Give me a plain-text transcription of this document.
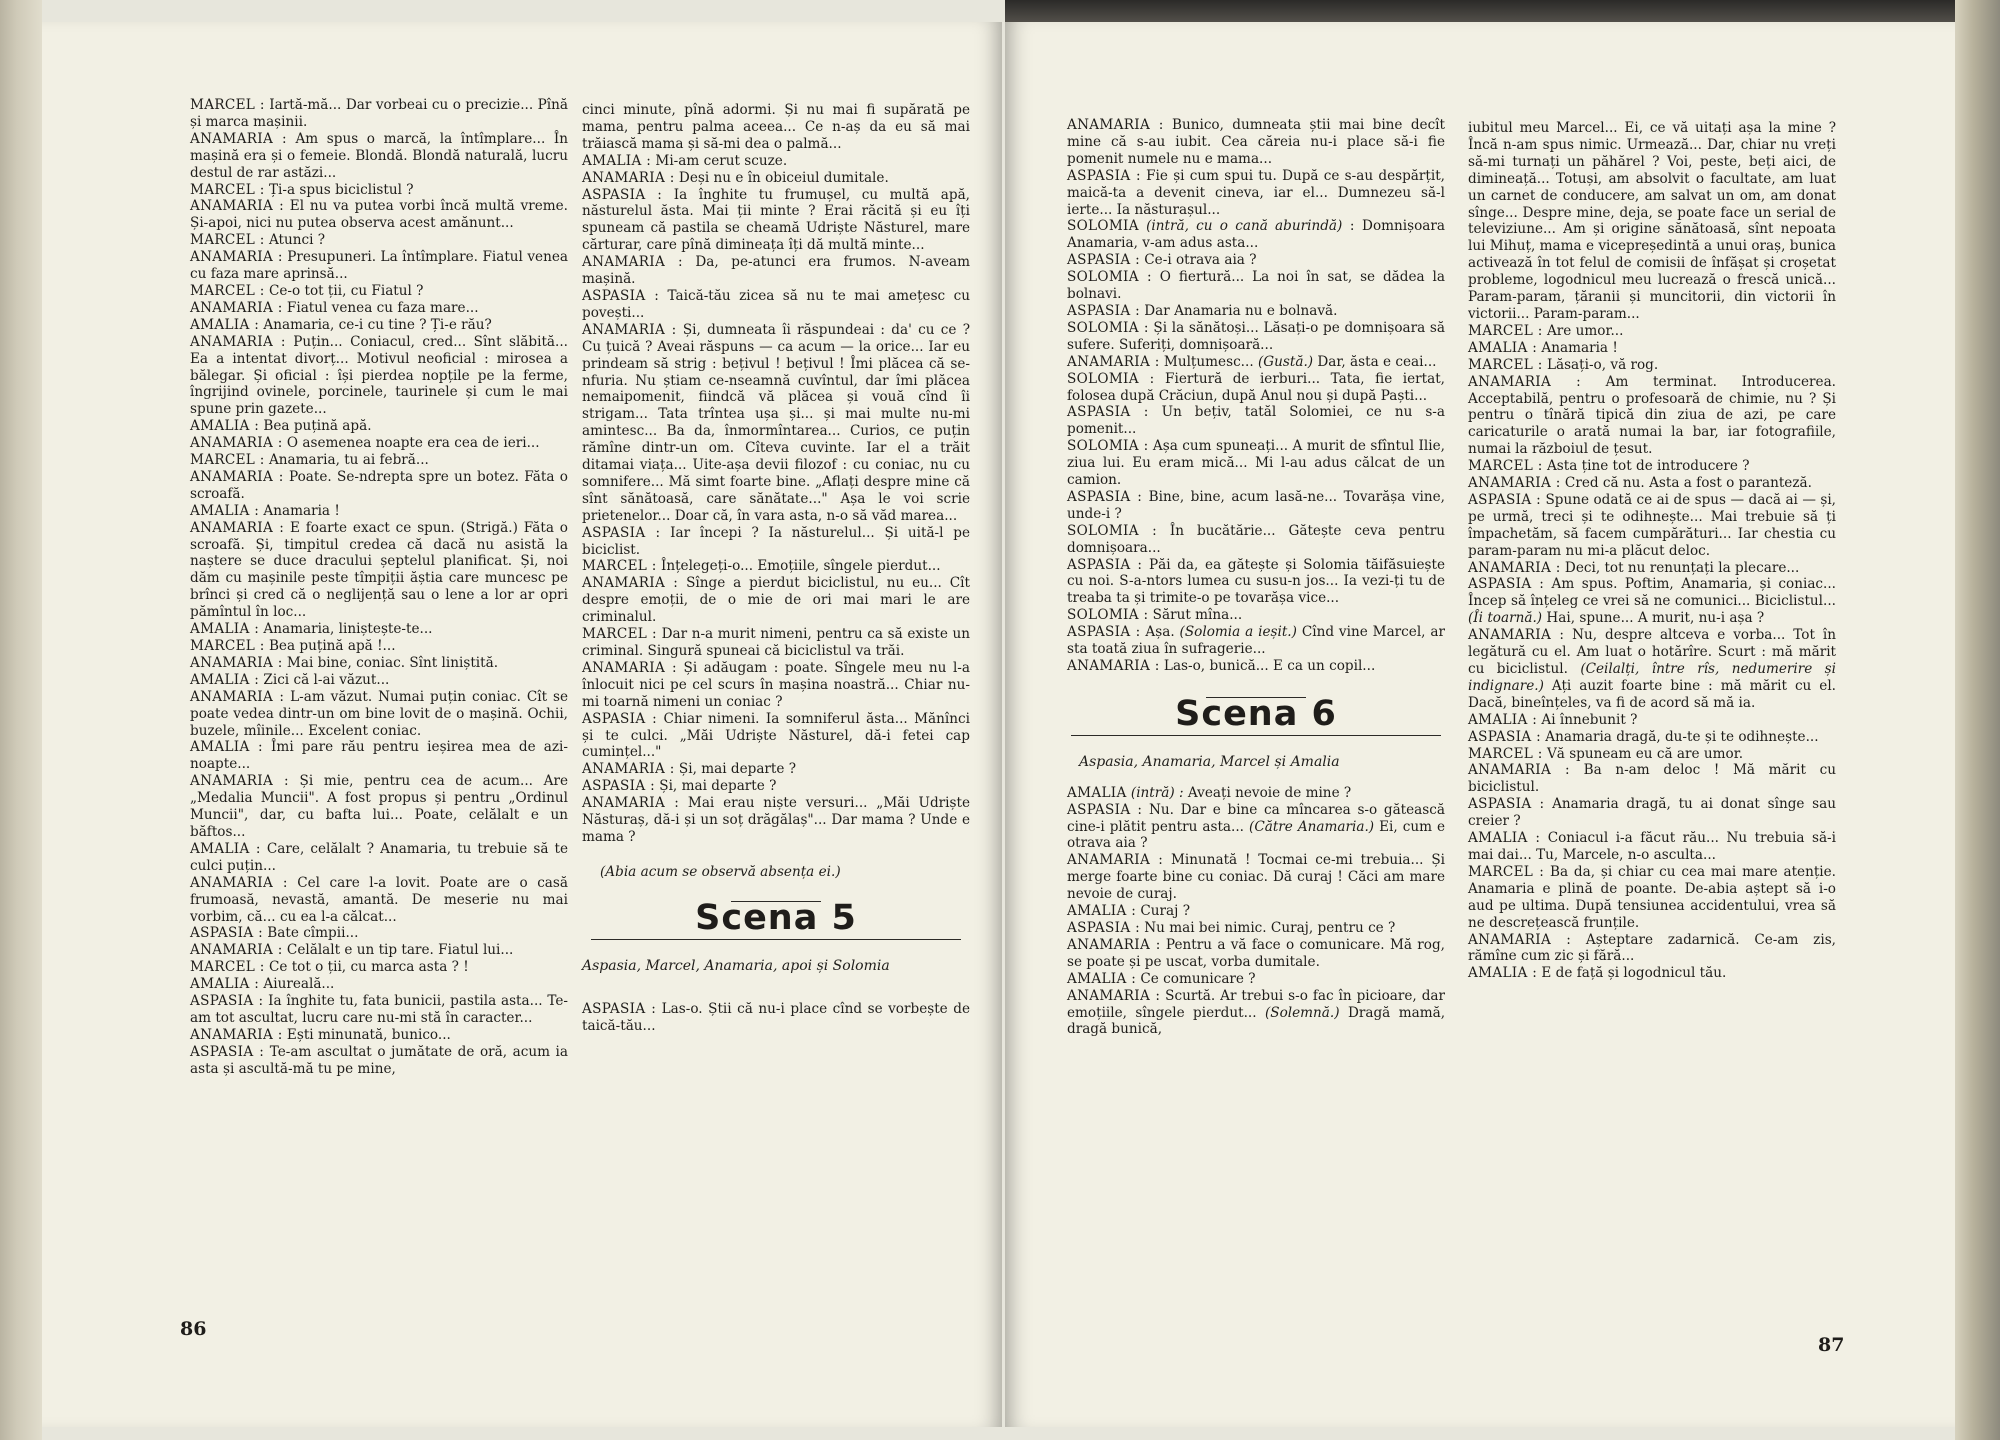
MARCEL : Iartă-mă... Dar vorbeai cu o precizie... Pînă și marca mașinii.

ANAMARIA : Am spus o marcă, la întîmplare... În mașină era și o femeie. Blondă. Blondă naturală, lucru destul de rar astăzi...

MARCEL : Ți-a spus biciclistul ?

ANAMARIA : El nu va putea vorbi încă multă vreme. Și-apoi, nici nu putea observa acest amănunt...

MARCEL : Atunci ?

ANAMARIA : Presupuneri. La întîmplare. Fiatul venea cu faza mare aprinsă...

MARCEL : Ce-o tot ții, cu Fiatul ?

ANAMARIA : Fiatul venea cu faza mare...

AMALIA : Anamaria, ce-i cu tine ? Ți-e rău?

ANAMARIA : Puțin... Coniacul, cred... Sînt slăbită... Ea a intentat divorț... Motivul neoficial : mirosea a bălegar. Și oficial : își pierdea nopțile pe la ferme, îngrijind ovinele, porcinele, taurinele și cum le mai spune prin gazete...

AMALIA : Bea puțină apă.

ANAMARIA : O asemenea noapte era cea de ieri...

MARCEL : Anamaria, tu ai febră...

ANAMARIA : Poate. Se-ndrepta spre un botez. Făta o scroafă.

AMALIA : Anamaria !

ANAMARIA : E foarte exact ce spun. (Strigă.) Făta o scroafă. Și, timpitul credea că dacă nu asistă la naștere se duce dracului șeptelul planificat. Și, noi dăm cu mașinile peste tîmpiții ăștia care muncesc pe brînci și cred că o neglijență sau o lene a lor ar opri pămîntul în loc...

AMALIA : Anamaria, liniștește-te...

MARCEL : Bea puțină apă !...

ANAMARIA : Mai bine, coniac. Sînt liniștită.

AMALIA : Zici că l-ai văzut...

ANAMARIA : L-am văzut. Numai puțin coniac. Cît se poate vedea dintr-un om bine lovit de o mașină. Ochii, buzele, mîinile... Excelent coniac.

AMALIA : Îmi pare rău pentru ieșirea mea de azi-noapte...

ANAMARIA : Și mie, pentru cea de acum... Are „Medalia Muncii". A fost propus și pentru „Ordinul Muncii", dar, cu bafta lui... Poate, celălalt e un băftos...

AMALIA : Care, celălalt ? Anamaria, tu trebuie să te culci puțin...

ANAMARIA : Cel care l-a lovit. Poate are o casă frumoasă, nevastă, amantă. De meserie nu mai vorbim, că... cu ea l-a călcat...

ASPASIA : Bate cîmpii...

ANAMARIA : Celălalt e un tip tare. Fiatul lui...

MARCEL : Ce tot o ții, cu marca asta ? !

AMALIA : Aiureală...

ASPASIA : Ia înghite tu, fata bunicii, pastila asta... Te-am tot ascultat, lucru care nu-mi stă în caracter...

ANAMARIA : Ești minunată, bunico...

ASPASIA : Te-am ascultat o jumătate de oră, acum ia asta și ascultă-mă tu pe mine,

cinci minute, pînă adormi. Și nu mai fi supărată pe mama, pentru palma aceea... Ce n-aș da eu să mai trăiască mama și să-mi dea o palmă...

AMALIA : Mi-am cerut scuze.

ANAMARIA : Deși nu e în obiceiul dumitale.

ASPASIA : Ia înghite tu frumușel, cu multă apă, năsturelul ăsta. Mai ții minte ? Erai răcită și eu îți spuneam că pastila se cheamă Udriște Năsturel, mare cărturar, care pînă dimineața îți dă multă minte...

ANAMARIA : Da, pe-atunci era frumos. N-aveam mașină.

ASPASIA : Taică-tău zicea să nu te mai amețesc cu povești...

ANAMARIA : Și, dumneata îi răspundeai : da' cu ce ? Cu țuică ? Aveai răspuns — ca acum — la orice... Iar eu prindeam să strig : bețivul ! bețivul ! Îmi plăcea că se-nfuria. Nu știam ce-nseamnă cuvîntul, dar îmi plăcea nemaipomenit, fiindcă vă plăcea și vouă cînd îi strigam... Tata trîntea ușa și... și mai multe nu-mi amintesc... Ba da, înmormîntarea... Curios, ce puțin rămîne dintr-un om. Cîteva cuvinte. Iar el a trăit ditamai viața... Uite-așa devii filozof : cu coniac, nu cu somnifere... Mă simt foarte bine. „Aflați despre mine că sînt sănătoasă, care sănătate..." Așa le voi scrie prietenelor... Doar că, în vara asta, n-o să văd marea...

ASPASIA : Iar începi ? Ia năsturelul... Și uită-l pe biciclist.

MARCEL : Înțelegeți-o... Emoțiile, sîngele pierdut...

ANAMARIA : Sînge a pierdut biciclistul, nu eu... Cît despre emoții, de o mie de ori mai mari le are criminalul.

MARCEL : Dar n-a murit nimeni, pentru ca să existe un criminal. Singură spuneai că biciclistul va trăi.

ANAMARIA : Și adăugam : poate. Sîngele meu nu l-a înlocuit nici pe cel scurs în mașina noastră... Chiar nu-mi toarnă nimeni un coniac ?

ASPASIA : Chiar nimeni. Ia somniferul ăsta... Mănînci și te culci. „Măi Udriște Năsturel, dă-i fetei cap cumințel..."

ANAMARIA : Și, mai departe ?

ASPASIA : Și, mai departe ?

ANAMARIA : Mai erau niște versuri... „Măi Udriște Năsturaș, dă-i și un soț drăgălaș"... Dar mama ? Unde e mama ?

(Abia acum se observă absența ei.)

Scena 5

Aspasia, Marcel, Anamaria, apoi și Solomia

ASPASIA : Las-o. Știi că nu-i place cînd se vorbește de taică-tău...

ANAMARIA : Bunico, dumneata știi mai bine decît mine că s-au iubit. Cea căreia nu-i place să-i fie pomenit numele nu e mama...

ASPASIA : Fie și cum spui tu. După ce s-au despărțit, maică-ta a devenit cineva, iar el... Dumnezeu să-l ierte... Ia năsturașul...

SOLOMIA (intră, cu o cană aburindă) : Domnișoara Anamaria, v-am adus asta...

ASPASIA : Ce-i otrava aia ?

SOLOMIA : O fiertură... La noi în sat, se dădea la bolnavi.

ASPASIA : Dar Anamaria nu e bolnavă.

SOLOMIA : Și la sănătoși... Lăsați-o pe domnișoara să sufere. Suferiți, domnișoară...

ANAMARIA : Mulțumesc... (Gustă.) Dar, ăsta e ceai...

SOLOMIA : Fiertură de ierburi... Tata, fie iertat, folosea după Crăciun, după Anul nou și după Paști...

ASPASIA : Un bețiv, tatăl Solomiei, ce nu s-a pomenit...

SOLOMIA : Așa cum spuneați... A murit de sfîntul Ilie, ziua lui. Eu eram mică... Mi l-au adus călcat de un camion.

ASPASIA : Bine, bine, acum lasă-ne... Tovarășa vine, unde-i ?

SOLOMIA : În bucătărie... Gătește ceva pentru domnișoara...

ASPASIA : Păi da, ea gătește și Solomia tăifăsuiește cu noi. S-a-ntors lumea cu susu-n jos... Ia vezi-ți tu de treaba ta și trimite-o pe tovarășa vice...

SOLOMIA : Sărut mîna...

ASPASIA : Așa. (Solomia a ieșit.) Cînd vine Marcel, ar sta toată ziua în sufragerie...

ANAMARIA : Las-o, bunică... E ca un copil...

Scena 6

Aspasia, Anamaria, Marcel și Amalia

AMALIA (intră) : Aveați nevoie de mine ?

ASPASIA : Nu. Dar e bine ca mîncarea s-o gătească cine-i plătit pentru asta... (Către Anamaria.) Ei, cum e otrava aia ?

ANAMARIA : Minunată ! Tocmai ce-mi trebuia... Și merge foarte bine cu coniac. Dă curaj ! Căci am mare nevoie de curaj.

AMALIA : Curaj ?

ASPASIA : Nu mai bei nimic. Curaj, pentru ce ?

ANAMARIA : Pentru a vă face o comunicare. Mă rog, se poate și pe uscat, vorba dumitale.

AMALIA : Ce comunicare ?

ANAMARIA : Scurtă. Ar trebui s-o fac în picioare, dar emoțiile, sîngele pierdut... (Solemnă.) Dragă mamă, dragă bunică,

iubitul meu Marcel... Ei, ce vă uitați așa la mine ? Încă n-am spus nimic. Urmează... Dar, chiar nu vreți să-mi turnați un păhărel ? Voi, peste, beți aici, de dimineață... Totuși, am absolvit o facultate, am luat un carnet de conducere, am salvat un om, am donat sînge... Despre mine, deja, se poate face un serial de televiziune... Am și origine sănătoasă, sînt nepoata lui Mihuț, mama e vicepreședintă a unui oraș, bunica activează în tot felul de comisii de înfășat și croșetat probleme, logodnicul meu lucrează o frescă unică... Param-param, țăranii și muncitorii, din victorii în victorii... Param-param...

MARCEL : Are umor...

AMALIA : Anamaria !

MARCEL : Lăsați-o, vă rog.

ANAMARIA : Am terminat. Introducerea. Acceptabilă, pentru o profesoară de chimie, nu ? Și pentru o tînără tipică din ziua de azi, pe care caricaturile o arată numai la bar, iar fotografiile, numai la războiul de țesut.

MARCEL : Asta ține tot de introducere ?

ANAMARIA : Cred că nu. Asta a fost o paranteză.

ASPASIA : Spune odată ce ai de spus — dacă ai — și, pe urmă, treci și te odihnește... Mai trebuie să ți împachetăm, să facem cumpărături... Iar chestia cu param-param nu mi-a plăcut deloc.

ANAMARIA : Deci, tot nu renunțați la plecare...

ASPASIA : Am spus. Poftim, Anamaria, și coniac... Încep să înțeleg ce vrei să ne comunici... Biciclistul... (Îi toarnă.) Hai, spune... A murit, nu-i așa ?

ANAMARIA : Nu, despre altceva e vorba... Tot în legătură cu el. Am luat o hotărîre. Scurt : mă mărit cu biciclistul. (Ceilalți, între rîs, nedumerire și indignare.) Ați auzit foarte bine : mă mărit cu el. Dacă, bineînțeles, va fi de acord să mă ia.

AMALIA : Ai înnebunit ?

ASPASIA : Anamaria dragă, du-te și te odihnește...

MARCEL : Vă spuneam eu că are umor.

ANAMARIA : Ba n-am deloc ! Mă mărit cu biciclistul.

ASPASIA : Anamaria dragă, tu ai donat sînge sau creier ?

AMALIA : Coniacul i-a făcut rău... Nu trebuia să-i mai dai... Tu, Marcele, n-o asculta...

MARCEL : Ba da, și chiar cu cea mai mare atenție. Anamaria e plină de poante. De-abia aștept să i-o aud pe ultima. După tensiunea accidentului, vrea să ne descrețească frunțile.

ANAMARIA : Așteptare zadarnică. Ce-am zis, rămîne cum zic și fără...

AMALIA : E de față și logodnicul tău.

86
87
